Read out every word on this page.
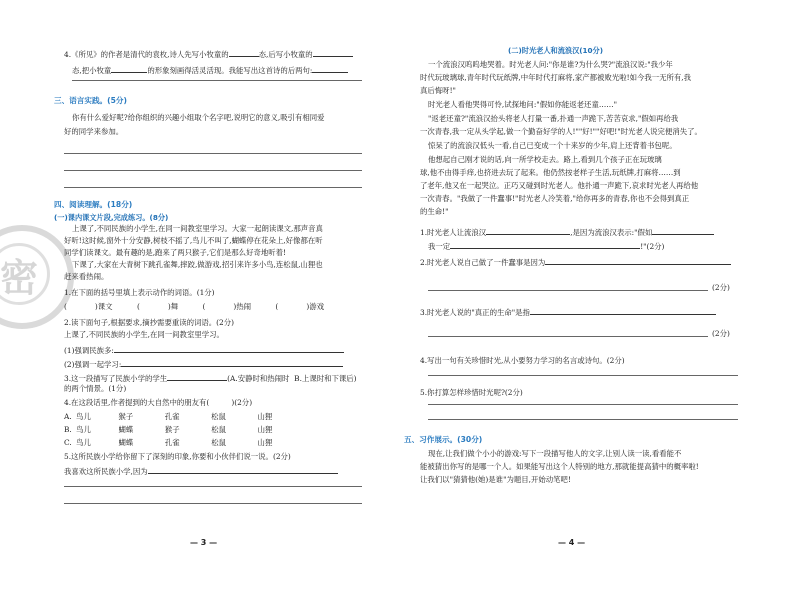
密
4.《所见》的作者是清代的袁枚,诗人先写小牧童的	态,后写小牧童的
态,把小牧童	的形象刻画得活灵活现。我能写出这首诗的后两句:
三、语言实践。(5分)
你有什么爱好呢?给你组织的兴趣小组取个名字吧,说明它的意义,吸引有相同爱
好的同学来参加。
四、阅读理解。(18分)
(一)课内课文片段,完成练习。(8分)
上课了,不同民族的小学生,在同一间教室里学习。大家一起朗读课文,那声音真
好听!这时候,窗外十分安静,树枝不摇了,鸟儿不叫了,蝴蝶停在花朵上,好像都在听
同学们读课文。最有趣的是,跑来了两只猴子,它们是那么好奇地听着!
下课了,大家在大青树下跳孔雀舞,摔跤,做游戏,招引来许多小鸟,连松鼠,山狸也
赶来看热闹。
1.在下面的括号里填上表示动作的词语。(1分)
(	)课文	(	)舞	(	)热闹	(	)游戏
2.读下面句子,根据要求,摘抄需要重读的词语。(2分)
上课了,不同民族的小学生,在同一间教室里学习。
(1)强调民族多:
(2)强调一起学习:
3.这一段描写了民族小学的学生	(A.安静时和热闹时 B.上课时和下课后)
的两个情景。(1分)
4.在这段话里,作者提到的大自然中的朋友有(	)(2分)
A. 鸟儿	猴子	孔雀	松鼠	山狸
B. 鸟儿	蝴蝶	猴子	松鼠	山狸
C. 鸟儿	蝴蝶	孔雀	松鼠	山狸
5.这所民族小学给你留下了深刻的印象,你要和小伙伴们说一说。(2分)
我喜欢这所民族小学,因为
— 3 —
(二)时光老人和流浪汉(10分)
一个流浪汉呜呜地哭着。时光老人问:"你是谁?为什么哭?"流浪汉说:"我少年
时代玩玻璃球,青年时代玩纸牌,中年时代打麻将,家产都被败光啦!如今我一无所有,我
真后悔呀!"
时光老人看他哭得可怜,试探地问:"假如你能返老还童……"
"返老还童?"流浪汉抬头将老人打量一番,扑通一声跪下,苦苦哀求,"假如再给我
一次青春,我一定从头学起,做一个勤奋好学的人!""好!""好吧!"时光老人说完便消失了。
惊呆了的流浪汉低头一看,自己已变成一个十来岁的少年,肩上还背着书包呢。
他想起自己刚才说的话,向一所学校走去。路上,看到几个孩子正在玩玻璃
球,他不由得手痒,也挤进去玩了起来。他仍然按老样子生活,玩纸牌,打麻将……到
了老年,他又在一起哭泣。正巧又碰到时光老人。他扑通一声跪下,哀求时光老人再给他
一次青春。"我做了一件蠢事!"时光老人冷笑着,"给你再多的青春,你也不会得到真正
的生命!"
1.时光老人让流浪汉	,是因为流浪汉表示:"假如
我一定	!"(2分)
2.时光老人说自己做了一件蠢事是因为
(2分)
3.时光老人说的"真正的生命"是指
(2分)
4.写出一句有关珍惜时光,从小要努力学习的名言或诗句。(2分)
5.你打算怎样珍惜时光呢?(2分)
五、习作展示。(30分)
现在,让我们做个小小的游戏:写下一段描写他人的文字,让别人读一读,看看能不
能被猜出你写的是哪一个人。如果能写出这个人特别的地方,那就能提高猜中的概率啦!
让我们以"猜猜他(她)是谁"为题目,开始动笔吧!
— 4 —
